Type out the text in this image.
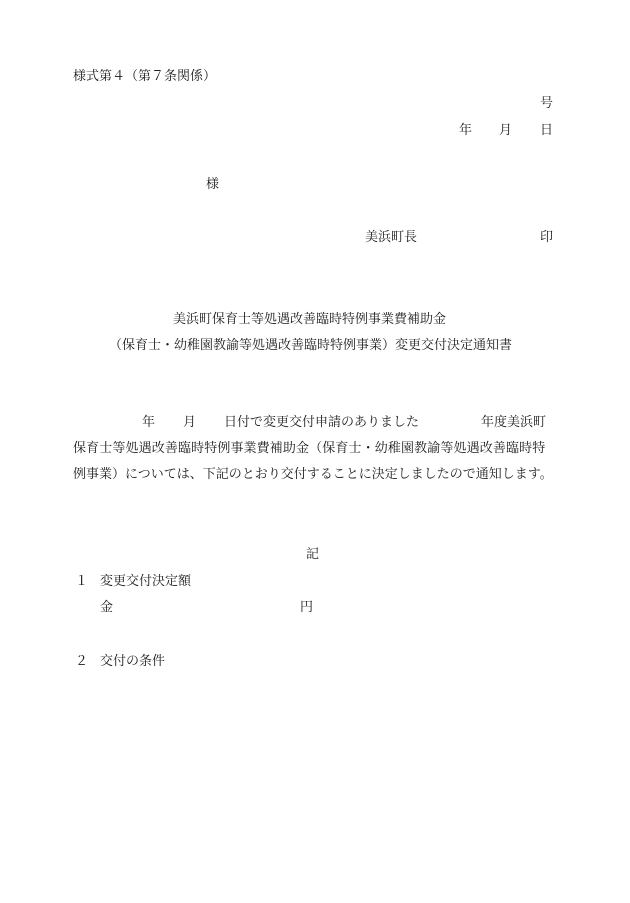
様式第４（第７条関係）
号
年 月 日
様
美浜町長	印
美浜町保育士等処遇改善臨時特例事業費補助金
（保育士・幼稚園教諭等処遇改善臨時特例事業）変更交付決定通知書
年 月 日付で変更交付申請のありました	年度美浜町
保育士等処遇改善臨時特例事業費補助金（保育士・幼稚園教諭等処遇改善臨時特
例事業）については、下記のとおり交付することに決定しましたので通知します。
記
１ 変更交付決定額
金	円
２ 交付の条件
